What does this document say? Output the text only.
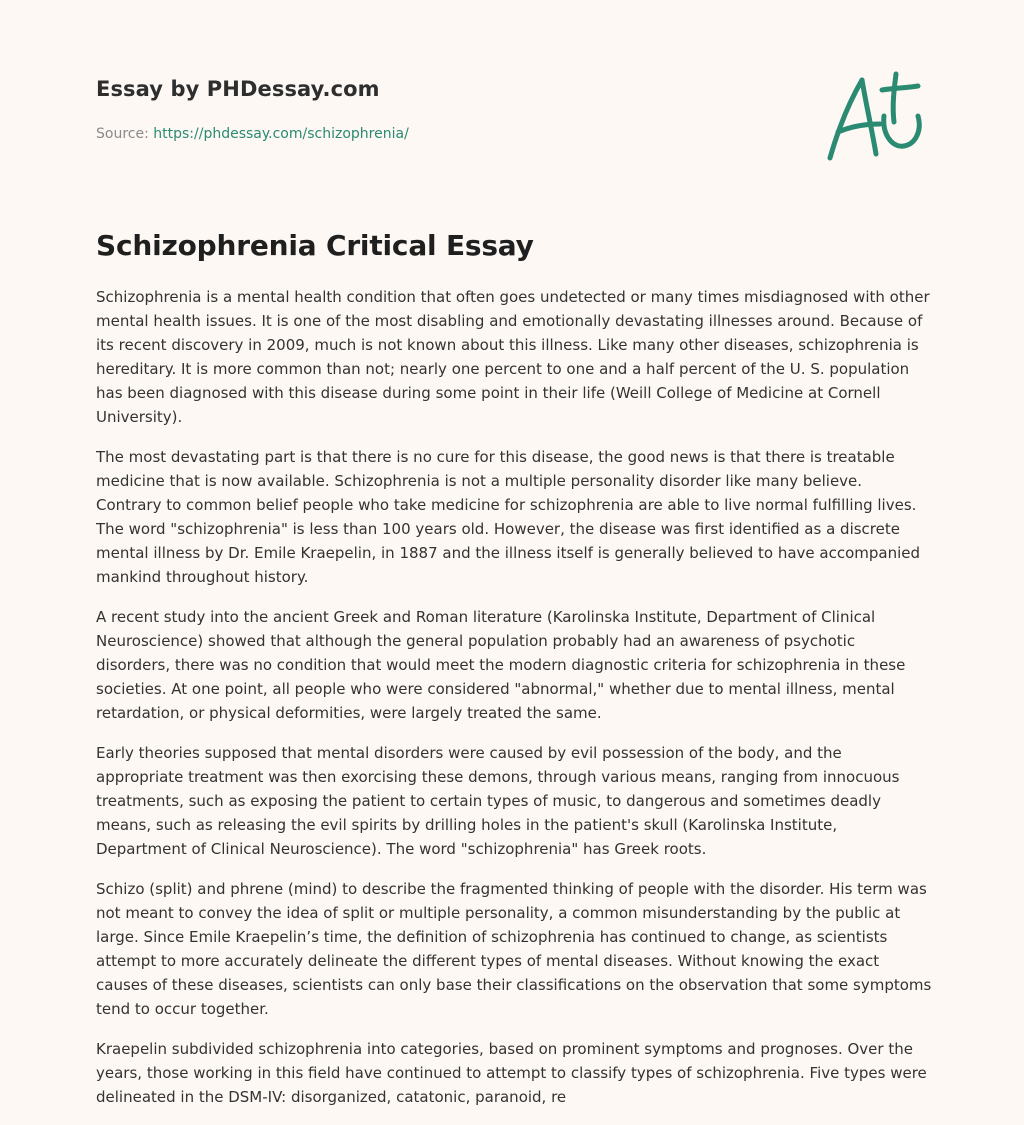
Essay by PHDessay.com
Source: https://phdessay.com/schizophrenia/
Schizophrenia Critical Essay

Schizophrenia is a mental health condition that often goes undetected or many times misdiagnosed with other mental health issues. It is one of the most disabling and emotionally devastating illnesses around. Because of its recent discovery in 2009, much is not known about this illness. Like many other diseases, schizophrenia is hereditary. It is more common than not; nearly one percent to one and a half percent of the U. S. population has been diagnosed with this disease during some point in their life (Weill College of Medicine at Cornell University).

The most devastating part is that there is no cure for this disease, the good news is that there is treatable medicine that is now available. Schizophrenia is not a multiple personality disorder like many believe. Contrary to common belief people who take medicine for schizophrenia are able to live normal fulfilling lives. The word "schizophrenia" is less than 100 years old. However, the disease was first identified as a discrete mental illness by Dr. Emile Kraepelin, in 1887 and the illness itself is generally believed to have accompanied mankind throughout history.

A recent study into the ancient Greek and Roman literature (Karolinska Institute, Department of Clinical Neuroscience) showed that although the general population probably had an awareness of psychotic disorders, there was no condition that would meet the modern diagnostic criteria for schizophrenia in these societies. At one point, all people who were considered "abnormal," whether due to mental illness, mental retardation, or physical deformities, were largely treated the same.

Early theories supposed that mental disorders were caused by evil possession of the body, and the appropriate treatment was then exorcising these demons, through various means, ranging from innocuous treatments, such as exposing the patient to certain types of music, to dangerous and sometimes deadly means, such as releasing the evil spirits by drilling holes in the patient's skull (Karolinska Institute, Department of Clinical Neuroscience). The word "schizophrenia" has Greek roots.

Schizo (split) and phrene (mind) to describe the fragmented thinking of people with the disorder. His term was not meant to convey the idea of split or multiple personality, a common misunderstanding by the public at large. Since Emile Kraepelin’s time, the definition of schizophrenia has continued to change, as scientists attempt to more accurately delineate the different types of mental diseases. Without knowing the exact causes of these diseases, scientists can only base their classifications on the observation that some symptoms tend to occur together.

Kraepelin subdivided schizophrenia into categories, based on prominent symptoms and prognoses. Over the years, those working in this field have continued to attempt to classify types of schizophrenia. Five types were delineated in the DSM-IV: disorganized, catatonic, paranoid, re
